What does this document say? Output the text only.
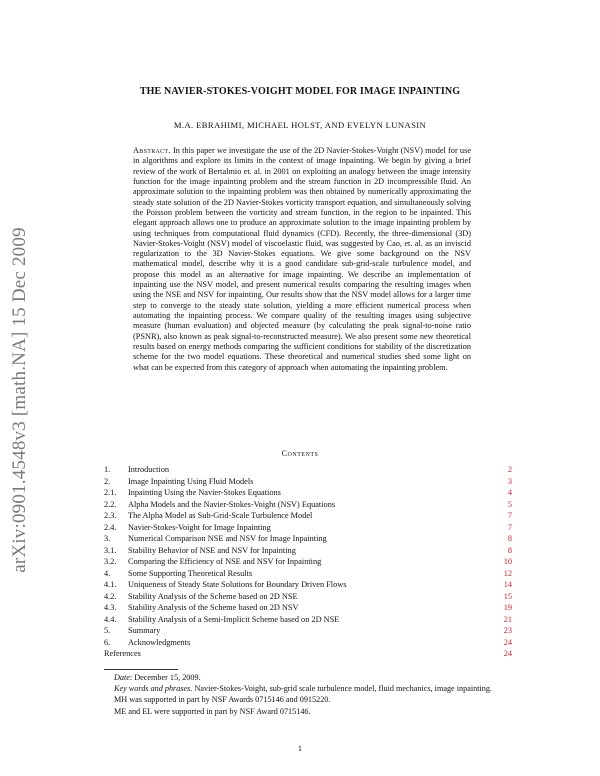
arXiv:0901.4548v3 [math.NA] 15 Dec 2009
THE NAVIER-STOKES-VOIGHT MODEL FOR IMAGE INPAINTING
M.A. EBRAHIMI, MICHAEL HOLST, AND EVELYN LUNASIN
Abstract. In this paper we investigate the use of the 2D Navier-Stokes-Voight (NSV) model for use in algorithms and explore its limits in the context of image inpainting. We begin by giving a brief review of the work of Bertalmio et. al. in 2001 on exploiting an analogy between the image intensity function for the image inpainting problem and the stream function in 2D incompressible fluid. An approximate solution to the inpainting problem was then obtained by numerically approximating the steady state solution of the 2D Navier-Stokes vorticity transport equation, and simultaneously solving the Poisson problem between the vorticity and stream function, in the region to be inpainted. This elegant approach allows one to produce an approximate solution to the image inpainting problem by using techniques from computational fluid dynamics (CFD). Recently, the three-dimensional (3D) Navier-Stokes-Voight (NSV) model of viscoelastic fluid, was suggested by Cao, et. al. as an inviscid regularization to the 3D Navier-Stokes equations. We give some background on the NSV mathematical model, describe why it is a good candidate sub-grid-scale turbulence model, and propose this model as an alternative for image inpainting. We describe an implementation of inpainting use the NSV model, and present numerical results comparing the resulting images when using the NSE and NSV for inpainting. Our results show that the NSV model allows for a larger time step to converge to the steady state solution, yielding a more efficient numerical process when automating the inpainting process. We compare quality of the resulting images using subjective measure (human evaluation) and objected measure (by calculating the peak signal-to-noise ratio (PSNR), also known as peak signal-to-reconstructed measure). We also present some new theoretical results based on energy methods comparing the sufficient conditions for stability of the discretization scheme for the two model equations. These theoretical and numerical studies shed some light on what can be expected from this category of approach when automating the inpainting problem.
Contents
1. Introduction	2
2. Image Inpainting Using Fluid Models	3
2.1. Inpainting Using the Navier-Stokes Equations	4
2.2. Alpha Models and the Navier-Stokes-Voight (NSV) Equations	5
2.3. The Alpha Model as Sub-Grid-Scale Turbulence Model	7
2.4. Navier-Stokes-Voight for Image Inpainting	7
3. Numerical Comparison NSE and NSV for Image Inpainting	8
3.1. Stability Behavior of NSE and NSV for Inpainting	8
3.2. Comparing the Efficiency of NSE and NSV for Inpainting	10
4. Some Supporting Theoretical Results	12
4.1. Uniqueness of Steady State Solutions for Boundary Driven Flows	14
4.2. Stability Analysis of the Scheme based on 2D NSE	15
4.3. Stability Analysis of the Scheme based on 2D NSV	19
4.4. Stability Analysis of a Semi-Implicit Scheme based on 2D NSE	21
5. Summary	23
6. Acknowledgments	24
References	24
Date: December 15, 2009.
Key words and phrases. Navier-Stokes-Voight, sub-grid scale turbulence model, fluid mechanics, image inpainting.
MH was supported in part by NSF Awards 0715146 and 0915220.
ME and EL were supported in part by NSF Award 0715146.
1
